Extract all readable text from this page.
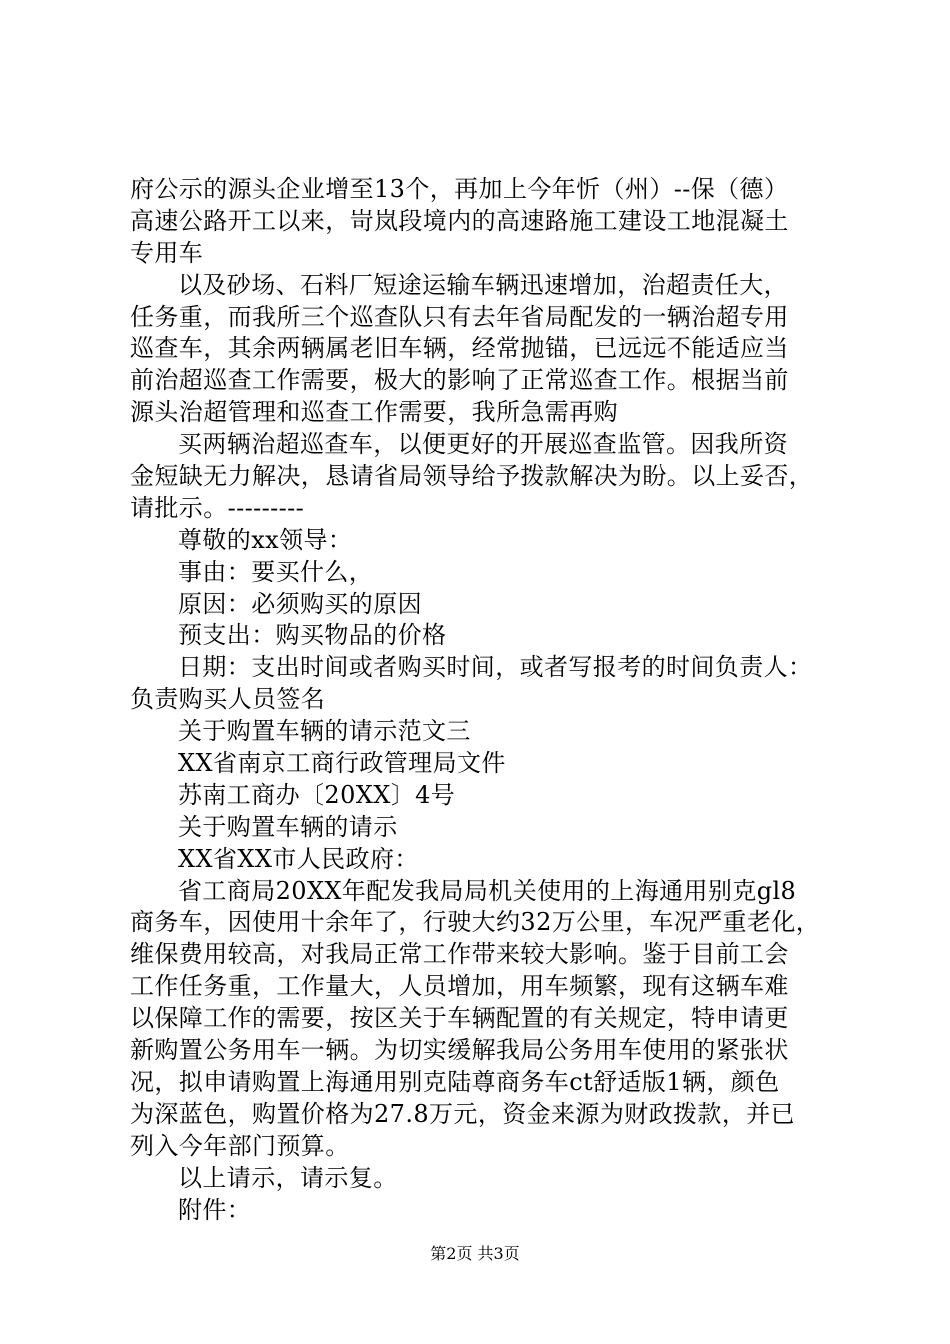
府公示的源头企业增至13个，再加上今年忻（州）--保（德）
高速公路开工以来，岢岚段境内的高速路施工建设工地混凝土
专用车
以及砂场、石料厂短途运输车辆迅速增加，治超责任大，
任务重，而我所三个巡查队只有去年省局配发的一辆治超专用
巡查车，其余两辆属老旧车辆，经常抛锚，已远远不能适应当
前治超巡查工作需要，极大的影响了正常巡查工作。根据当前
源头治超管理和巡查工作需要，我所急需再购
买两辆治超巡查车，以便更好的开展巡查监管。因我所资
金短缺无力解决，恳请省局领导给予拨款解决为盼。以上妥否，
请批示。---------
尊敬的xx领导：
事由：要买什么，
原因：必须购买的原因
预支出：购买物品的价格
日期：支出时间或者购买时间，或者写报考的时间负责人：
负责购买人员签名
关于购置车辆的请示范文三
XX省南京工商行政管理局文件
苏南工商办〔20XX〕4号
关于购置车辆的请示
XX省XX市人民政府：
省工商局20XX年配发我局局机关使用的上海通用别克gl8
商务车，因使用十余年了，行驶大约32万公里，车况严重老化，
维保费用较高，对我局正常工作带来较大影响。鉴于目前工会
工作任务重，工作量大，人员增加，用车频繁，现有这辆车难
以保障工作的需要，按区关于车辆配置的有关规定，特申请更
新购置公务用车一辆。为切实缓解我局公务用车使用的紧张状
况，拟申请购置上海通用别克陆尊商务车ct舒适版1辆，颜色
为深蓝色，购置价格为27.8万元，资金来源为财政拨款，并已
列入今年部门预算。
以上请示，请示复。
附件：
第2页 共3页
